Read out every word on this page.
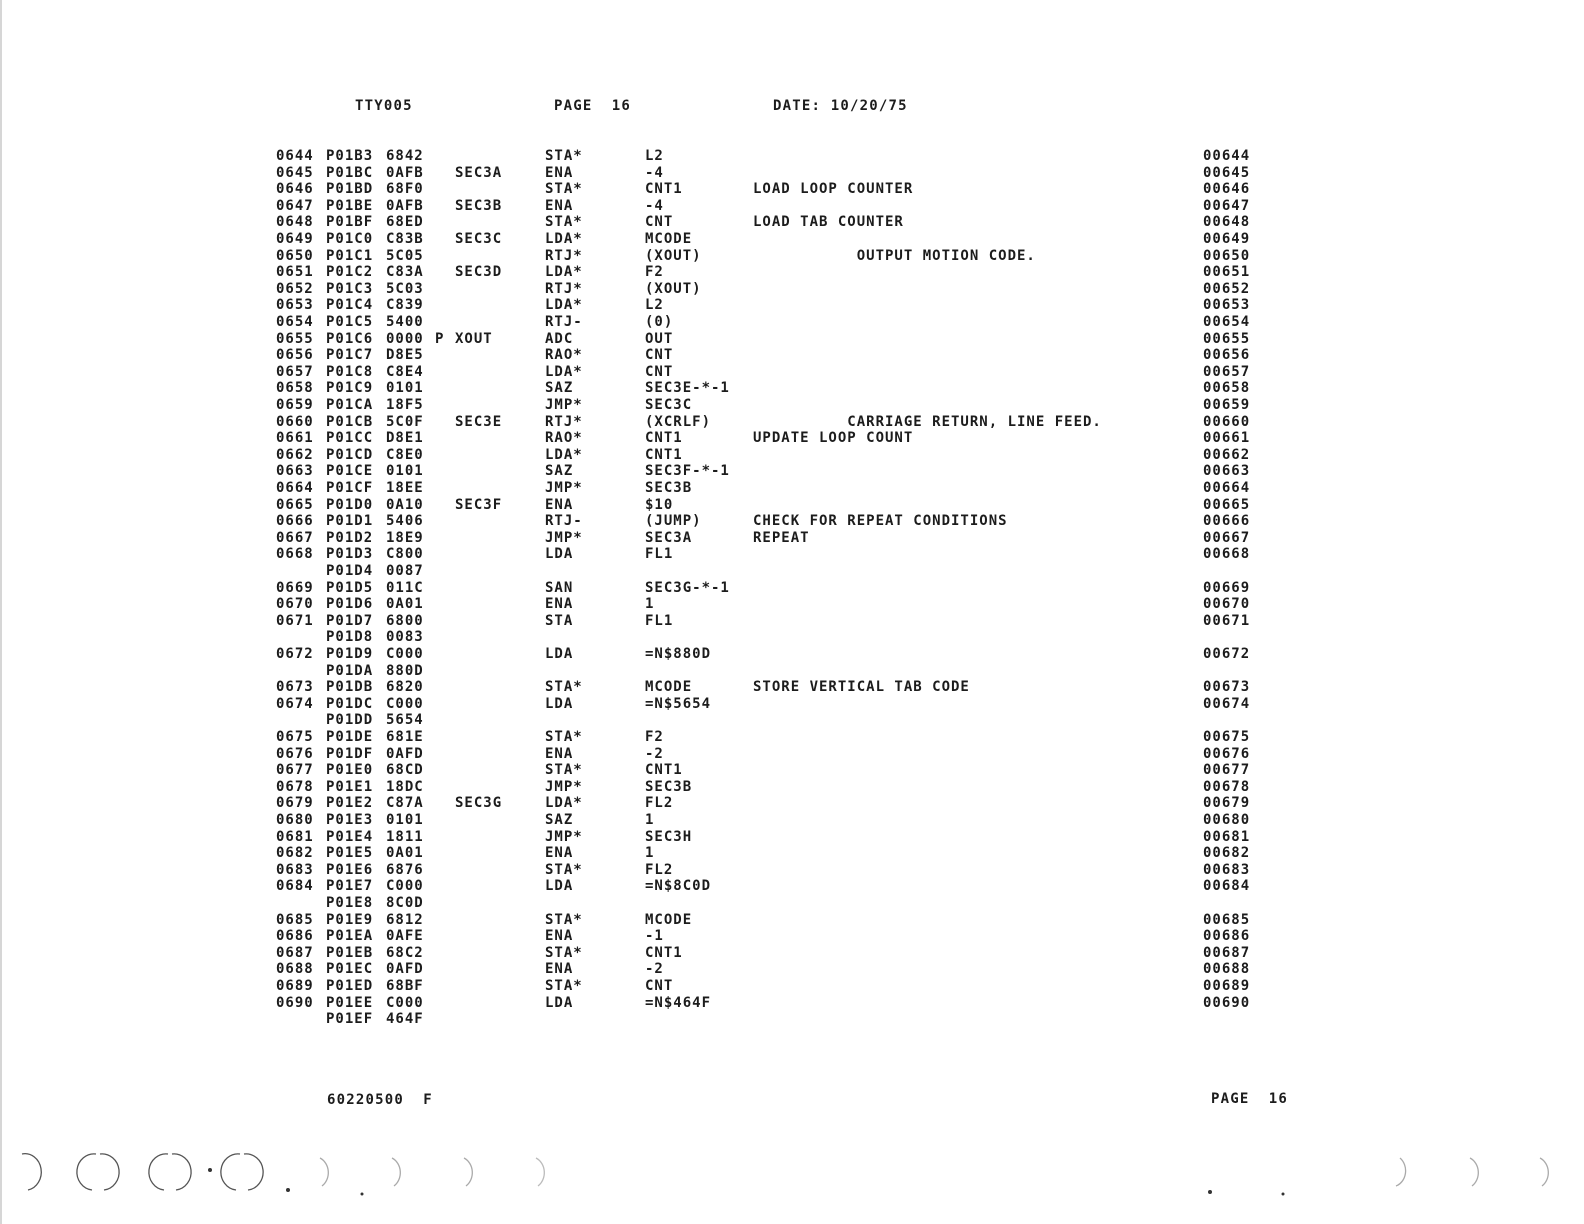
TTY005	PAGE  16	DATE: 10/20/75
0644 P01B3 6842	STA*	L2	00644
0645 P01BC 0AFB SEC3A	ENA	-4	00645
0646 P01BD 68F0	STA*	CNT1	LOAD LOOP COUNTER	00646
0647 P01BE 0AFB SEC3B	ENA	-4	00647
0648 P01BF 68ED	STA*	CNT	LOAD TAB COUNTER	00648
0649 P01C0 C83B SEC3C	LDA*	MCODE	00649
0650 P01C1 5C05	RTJ*	(XOUT)	OUTPUT MOTION CODE.	00650
0651 P01C2 C83A SEC3D	LDA*	F2	00651
0652 P01C3 5C03	RTJ*	(XOUT)	00652
0653 P01C4 C839	LDA*	L2	00653
0654 P01C5 5400	RTJ-	(0)	00654
0655 P01C6 0000 P XOUT	ADC	OUT	00655
0656 P01C7 D8E5	RAO*	CNT	00656
0657 P01C8 C8E4	LDA*	CNT	00657
0658 P01C9 0101	SAZ	SEC3E-*-1	00658
0659 P01CA 18F5	JMP*	SEC3C	00659
0660 P01CB 5C0F SEC3E	RTJ*	(XCRLF)	CARRIAGE RETURN, LINE FEED.	00660
0661 P01CC D8E1	RAO*	CNT1	UPDATE LOOP COUNT	00661
0662 P01CD C8E0	LDA*	CNT1	00662
0663 P01CE 0101	SAZ	SEC3F-*-1	00663
0664 P01CF 18EE	JMP*	SEC3B	00664
0665 P01D0 0A10 SEC3F	ENA	$10	00665
0666 P01D1 5406	RTJ-	(JUMP)	CHECK FOR REPEAT CONDITIONS	00666
0667 P01D2 18E9	JMP*	SEC3A	REPEAT	00667
0668 P01D3 C800	LDA	FL1	00668
P01D4 0087
0669 P01D5 011C	SAN	SEC3G-*-1	00669
0670 P01D6 0A01	ENA	1	00670
0671 P01D7 6800	STA	FL1	00671
P01D8 0083
0672 P01D9 C000	LDA	=N$880D	00672
P01DA 880D
0673 P01DB 6820	STA*	MCODE	STORE VERTICAL TAB CODE	00673
0674 P01DC C000	LDA	=N$5654	00674
P01DD 5654
0675 P01DE 681E	STA*	F2	00675
0676 P01DF 0AFD	ENA	-2	00676
0677 P01E0 68CD	STA*	CNT1	00677
0678 P01E1 18DC	JMP*	SEC3B	00678
0679 P01E2 C87A SEC3G	LDA*	FL2	00679
0680 P01E3 0101	SAZ	1	00680
0681 P01E4 1811	JMP*	SEC3H	00681
0682 P01E5 0A01	ENA	1	00682
0683 P01E6 6876	STA*	FL2	00683
0684 P01E7 C000	LDA	=N$8C0D	00684
P01E8 8C0D
0685 P01E9 6812	STA*	MCODE	00685
0686 P01EA 0AFE	ENA	-1	00686
0687 P01EB 68C2	STA*	CNT1	00687
0688 P01EC 0AFD	ENA	-2	00688
0689 P01ED 68BF	STA*	CNT	00689
0690 P01EE C000	LDA	=N$464F	00690
P01EF 464F
60220500  F	PAGE  16
